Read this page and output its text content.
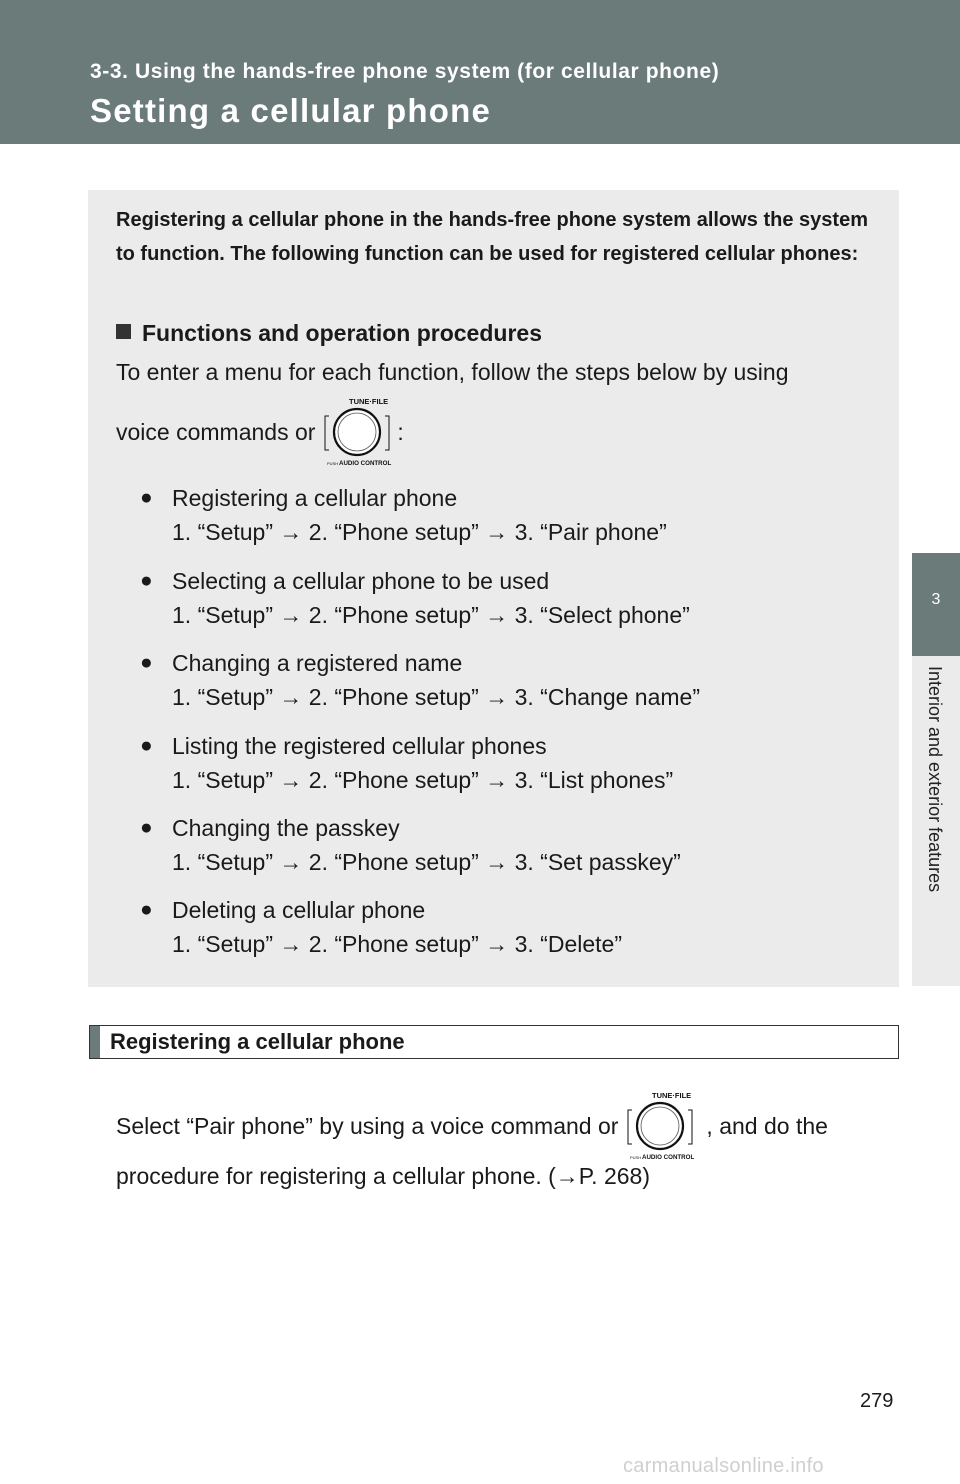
3-3. Using the hands-free phone system (for cellular phone)
Setting a cellular phone
3
Interior and exterior features

Registering a cellular phone in the hands-free phone system allows the system to function. The following function can be used for registered cellular phones:

Functions and operation procedures
To enter a menu for each function, follow the steps below by using
voice commands or
TUNE·FILE
PUSH AUDIO CONTROL
:
● Registering a cellular phone
1. “Setup” → 2. “Phone setup” → 3. “Pair phone”
● Selecting a cellular phone to be used
1. “Setup” → 2. “Phone setup” → 3. “Select phone”
● Changing a registered name
1. “Setup” → 2. “Phone setup” → 3. “Change name”
● Listing the registered cellular phones
1. “Setup” → 2. “Phone setup” → 3. “List phones”
● Changing the passkey
1. “Setup” → 2. “Phone setup” → 3. “Set passkey”
● Deleting a cellular phone
1. “Setup” → 2. “Phone setup” → 3. “Delete”
Registering a cellular phone
Select “Pair phone” by using a voice command or
TUNE·FILE
PUSH AUDIO CONTROL
, and do the
procedure for registering a cellular phone. (→P. 268)
279
carmanualsonline.info
